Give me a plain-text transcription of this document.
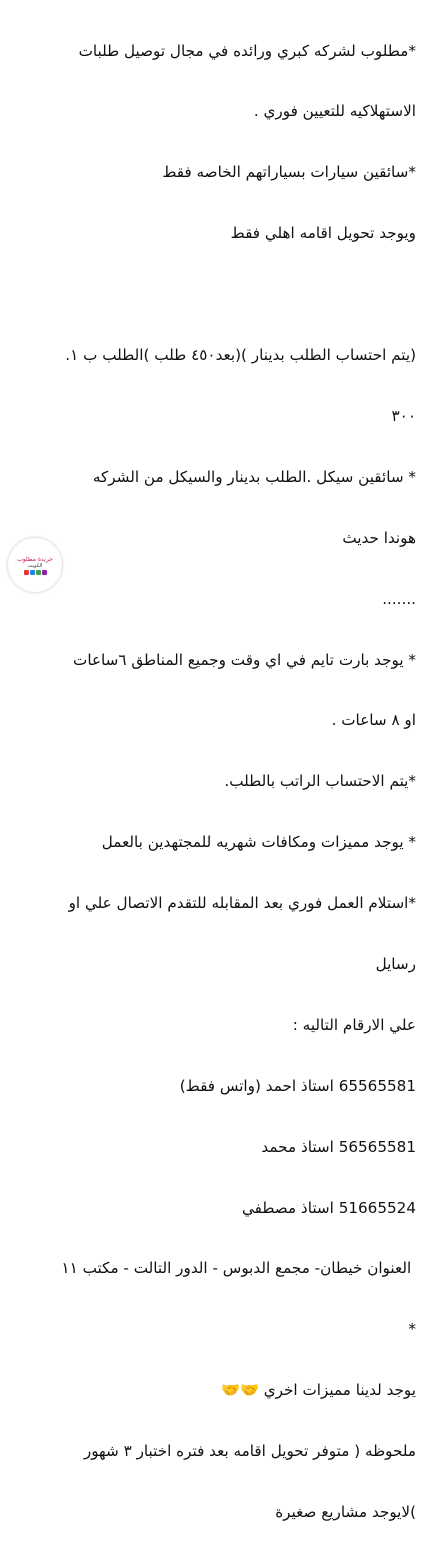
*مطلوب لشركه كبري ورائده في مجال توصيل طلبات

الاستهلاكيه للتعيين فوري .

*سائقين سيارات بسياراتهم الخاصه فقط

ويوجد تحويل اقامه اهلي فقط

(يتم احتساب الطلب بدينار )(بعد٤٥٠ طلب )الطلب ب ١.

٣٠٠

* سائقين سيكل .الطلب بدينار والسيكل من الشركه

هوندا حديث

.......

* يوجد بارت تايم في اي وقت وجميع المناطق ٦ساعات

او ٨ ساعات .

*يتم الاحتساب الراتب بالطلب.

* يوجد مميزات ومكافات شهريه للمجتهدين بالعمل

*استلام العمل فوري بعد المقابله للتقدم الاتصال علي او

رسايل

علي الارقام التاليه :

65565581 استاذ احمد (واتس فقط)

56565581 استاذ محمد

51665524 استاذ مصطفي

العنوان خيطان- مجمع الدبوس - الدور التالت - مكتب ١١

*

يوجد لدينا مميزات اخري 🤝🤝

ملحوظه ( متوفر تحويل اقامه بعد فتره اختبار ٣ شهور

)لايوجد مشاريع صغيرة

جريدة مطلوب
الكويت
